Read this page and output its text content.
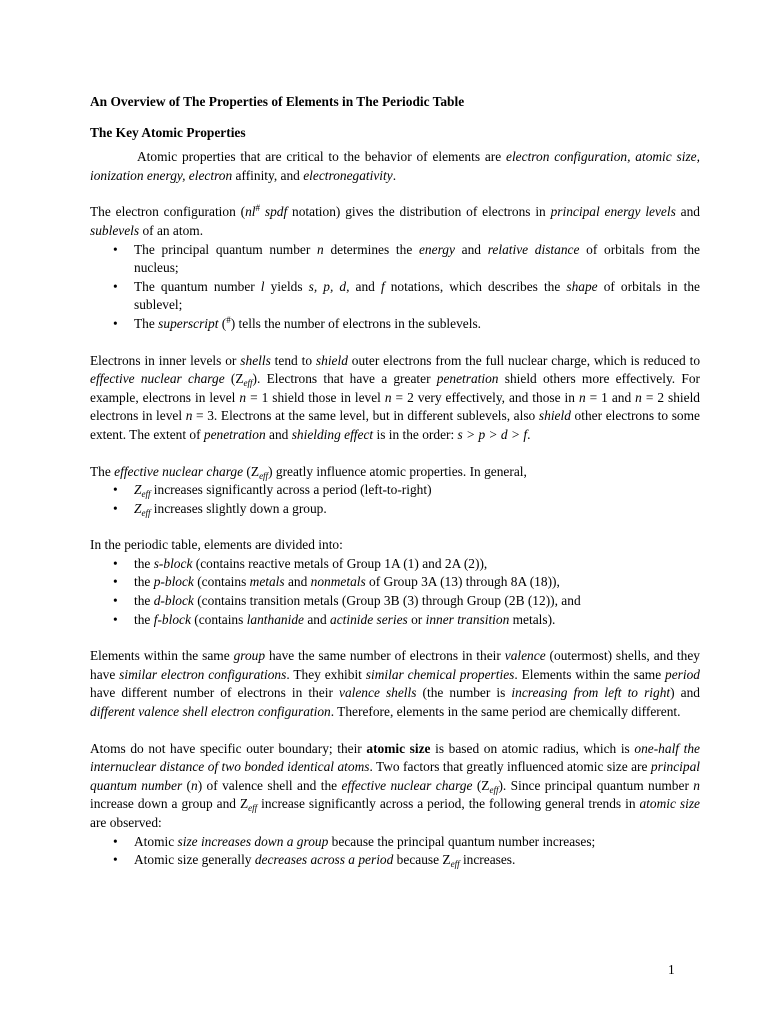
An Overview of The Properties of Elements in The Periodic Table
The Key Atomic Properties

Atomic properties that are critical to the behavior of elements are electron configuration, atomic size, ionization energy, electron affinity, and electronegativity.

The electron configuration (nl# spdf notation) gives the distribution of electrons in principal energy levels and sublevels of an atom.

• The principal quantum number n determines the energy and relative distance of orbitals from the nucleus;
• The quantum number l yields s, p, d, and f notations, which describes the shape of orbitals in the sublevel;
• The superscript (#) tells the number of electrons in the sublevels.

Electrons in inner levels or shells tend to shield outer electrons from the full nuclear charge, which is reduced to effective nuclear charge $(Z_{eff})$. Electrons that have a greater penetration shield others more effectively. For example, electrons in level n = 1 shield those in level n = 2 very effectively, and those in n = 1 and n = 2 shield electrons in level n = 3. Electrons at the same level, but in different sublevels, also shield other electrons to some extent. The extent of penetration and shielding effect is in the order: s > p > d > f.

The effective nuclear charge $(Z_{eff})$ greatly influence atomic properties. In general,

• $Z_{eff}$ increases significantly across a period (left-to-right)
• $Z_{eff}$ increases slightly down a group.

In the periodic table, elements are divided into:

• the s-block (contains reactive metals of Group 1A (1) and 2A (2)),
• the p-block (contains metals and nonmetals of Group 3A (13) through 8A (18)),
• the d-block (contains transition metals (Group 3B (3) through Group (2B (12)), and
• the f-block (contains lanthanide and actinide series or inner transition metals).

Elements within the same group have the same number of electrons in their valence (outermost) shells, and they have similar electron configurations. They exhibit similar chemical properties. Elements within the same period have different number of electrons in their valence shells (the number is increasing from left to right) and different valence shell electron configuration. Therefore, elements in the same period are chemically different.

Atoms do not have specific outer boundary; their atomic size is based on atomic radius, which is one-half the internuclear distance of two bonded identical atoms. Two factors that greatly influenced atomic size are principal quantum number (n) of valence shell and the effective nuclear charge $(Z_{eff})$. Since principal quantum number n increase down a group and $Z_{eff}$ increase significantly across a period, the following general trends in atomic size are observed:

• Atomic size increases down a group because the principal quantum number increases;
• Atomic size generally decreases across a period because $Z_{eff}$ increases.
1
